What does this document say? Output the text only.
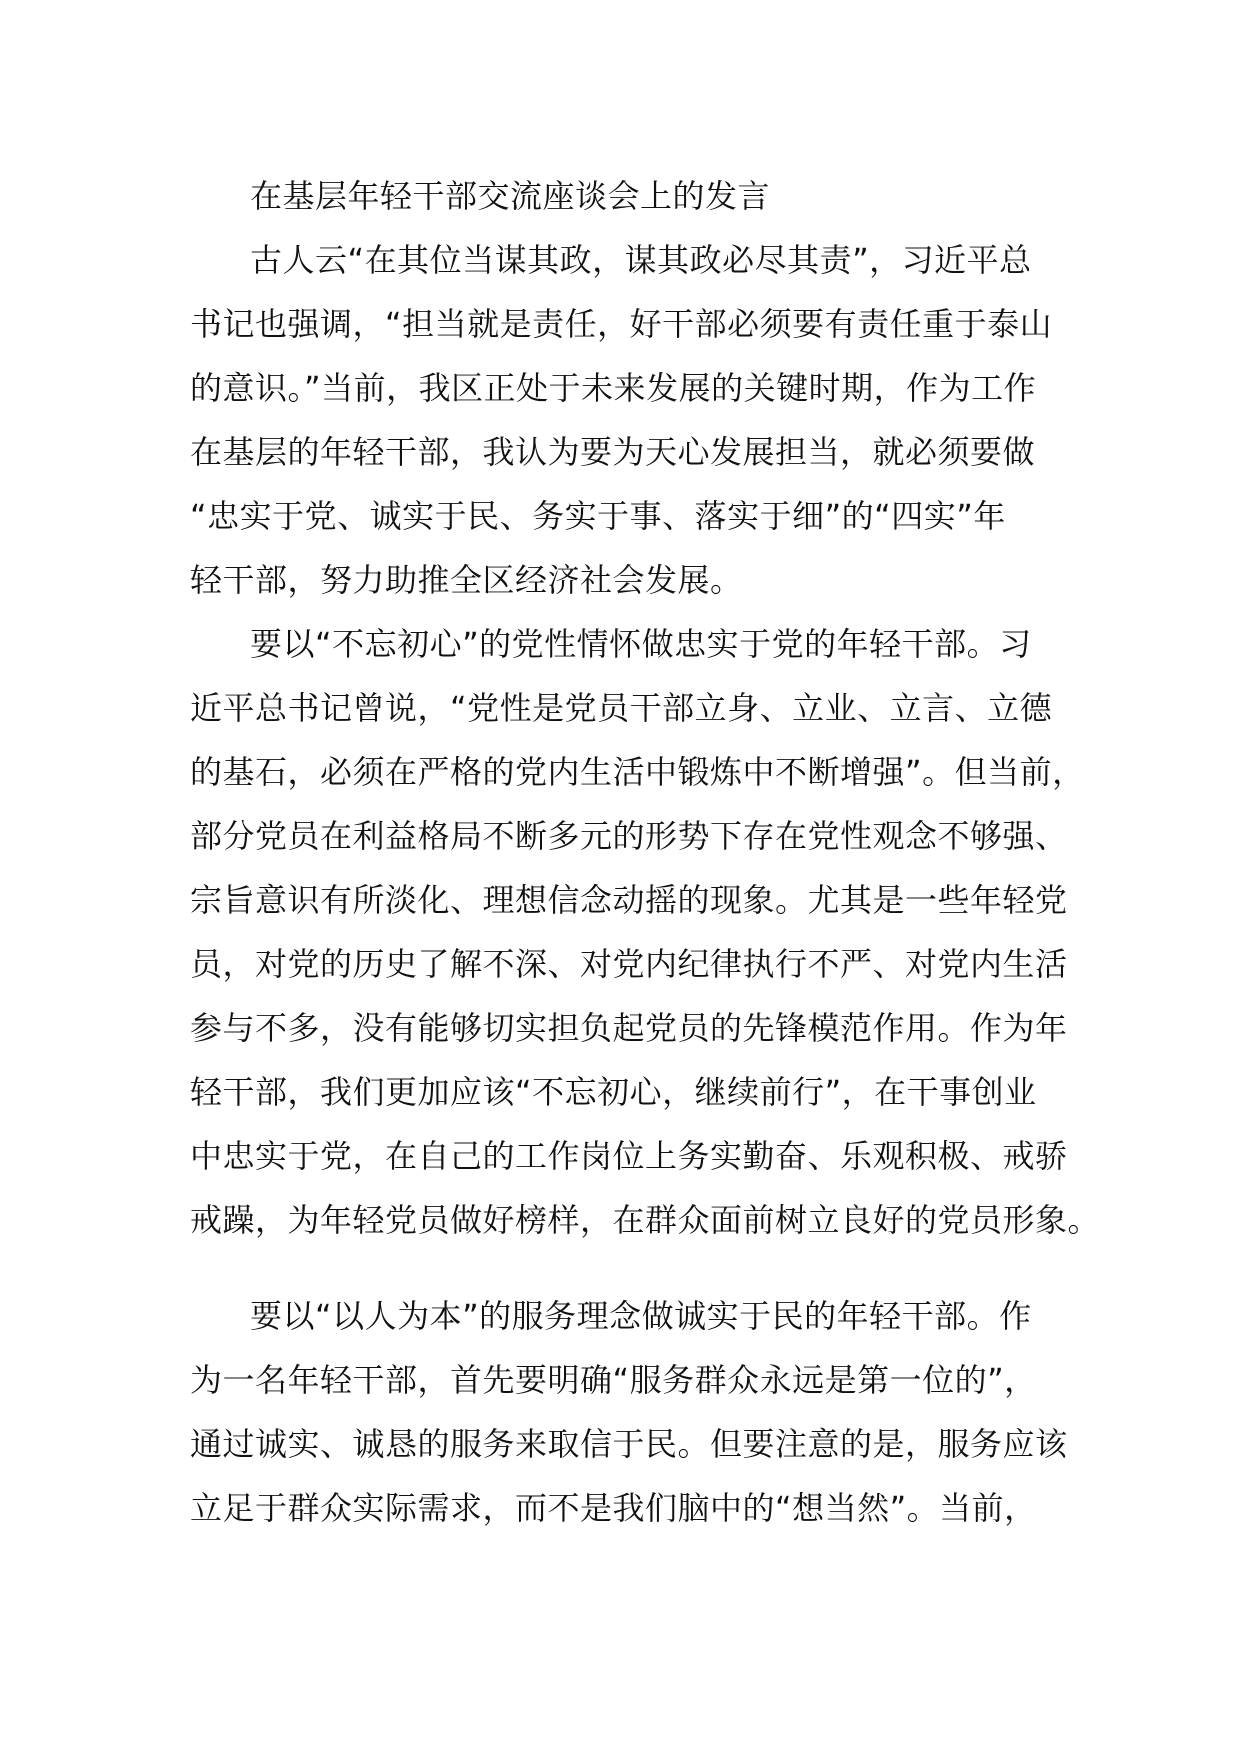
在基层年轻干部交流座谈会上的发言
古人云“在其位当谋其政，谋其政必尽其责”，习近平总
书记也强调，“担当就是责任，好干部必须要有责任重于泰山
的意识。”当前，我区正处于未来发展的关键时期，作为工作
在基层的年轻干部，我认为要为天心发展担当，就必须要做
“忠实于党、诚实于民、务实于事、落实于细”的“四实”年
轻干部，努力助推全区经济社会发展。
要以“不忘初心”的党性情怀做忠实于党的年轻干部。习
近平总书记曾说，“党性是党员干部立身、立业、立言、立德
的基石，必须在严格的党内生活中锻炼中不断增强”。但当前，
部分党员在利益格局不断多元的形势下存在党性观念不够强、
宗旨意识有所淡化、理想信念动摇的现象。尤其是一些年轻党
员，对党的历史了解不深、对党内纪律执行不严、对党内生活
参与不多，没有能够切实担负起党员的先锋模范作用。作为年
轻干部，我们更加应该“不忘初心，继续前行”，在干事创业
中忠实于党，在自己的工作岗位上务实勤奋、乐观积极、戒骄
戒躁，为年轻党员做好榜样，在群众面前树立良好的党员形象。
要以“以人为本”的服务理念做诚实于民的年轻干部。作
为一名年轻干部，首先要明确“服务群众永远是第一位的”，
通过诚实、诚恳的服务来取信于民。但要注意的是，服务应该
立足于群众实际需求，而不是我们脑中的“想当然”。当前，
